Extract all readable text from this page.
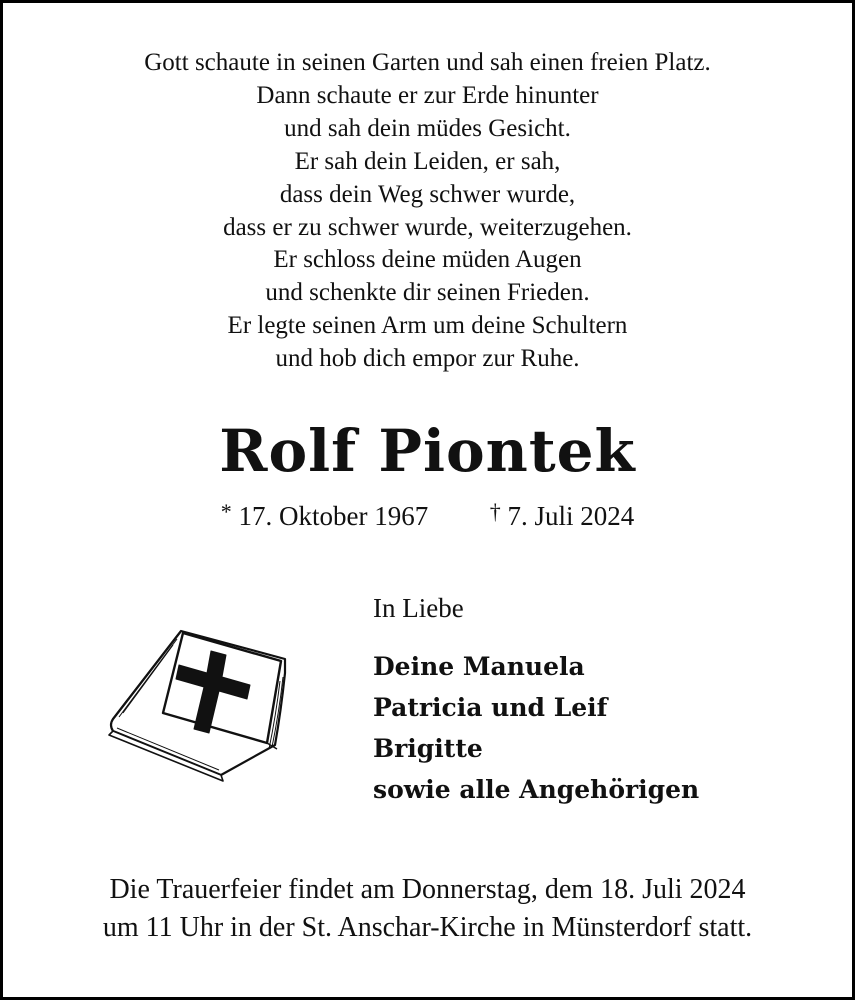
Gott schaute in seinen Garten und sah einen freien Platz.
Dann schaute er zur Erde hinunter
und sah dein müdes Gesicht.
Er sah dein Leiden, er sah,
dass dein Weg schwer wurde,
dass er zu schwer wurde, weiterzugehen.
Er schloss deine müden Augen
und schenkte dir seinen Frieden.
Er legte seinen Arm um deine Schultern
und hob dich empor zur Ruhe.
Rolf Piontek
* 17. Oktober 1967	† 7. Juli 2024
In Liebe
Deine Manuela
Patricia und Leif
Brigitte
sowie alle Angehörigen
Die Trauerfeier findet am Donnerstag, dem 18. Juli 2024
um 11 Uhr in der St. Anschar-Kirche in Münsterdorf statt.
